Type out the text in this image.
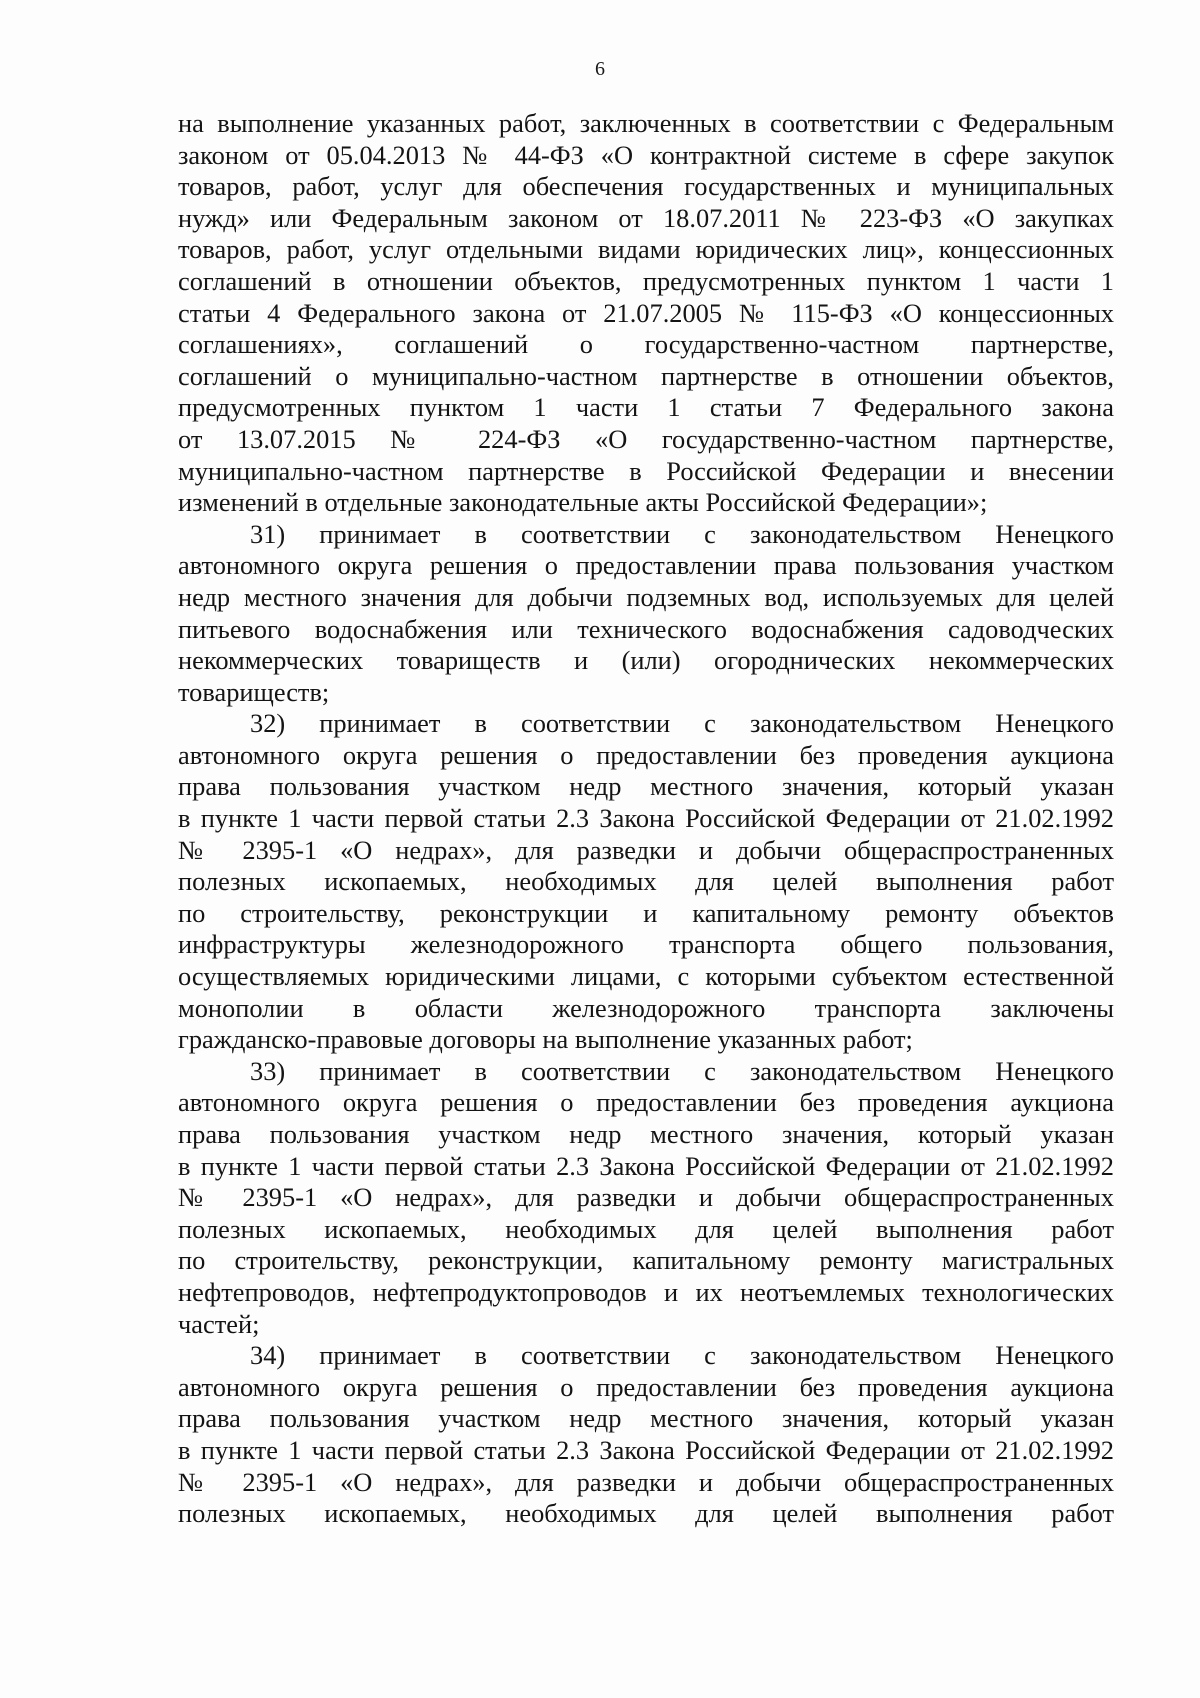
6
на выполнение указанных работ, заключенных в соответствии с Федеральным
законом от 05.04.2013 № 44-ФЗ «О контрактной системе в сфере закупок
товаров, работ, услуг для обеспечения государственных и муниципальных
нужд» или Федеральным законом от 18.07.2011 № 223-ФЗ «О закупках
товаров, работ, услуг отдельными видами юридических лиц», концессионных
соглашений в отношении объектов, предусмотренных пунктом 1 части 1
статьи 4 Федерального закона от 21.07.2005 № 115-ФЗ «О концессионных
соглашениях», соглашений о государственно-частном партнерстве,
соглашений о муниципально-частном партнерстве в отношении объектов,
предусмотренных пунктом 1 части 1 статьи 7 Федерального закона
от 13.07.2015 № 224-ФЗ «О государственно-частном партнерстве,
муниципально-частном партнерстве в Российской Федерации и внесении
изменений в отдельные законодательные акты Российской Федерации»;
31) принимает в соответствии с законодательством Ненецкого
автономного округа решения о предоставлении права пользования участком
недр местного значения для добычи подземных вод, используемых для целей
питьевого водоснабжения или технического водоснабжения садоводческих
некоммерческих товариществ и (или) огороднических некоммерческих
товариществ;
32) принимает в соответствии с законодательством Ненецкого
автономного округа решения о предоставлении без проведения аукциона
права пользования участком недр местного значения, который указан
в пункте 1 части первой статьи 2.3 Закона Российской Федерации от 21.02.1992
№ 2395-1 «О недрах», для разведки и добычи общераспространенных
полезных ископаемых, необходимых для целей выполнения работ
по строительству, реконструкции и капитальному ремонту объектов
инфраструктуры железнодорожного транспорта общего пользования,
осуществляемых юридическими лицами, с которыми субъектом естественной
монополии в области железнодорожного транспорта заключены
гражданско-правовые договоры на выполнение указанных работ;
33) принимает в соответствии с законодательством Ненецкого
автономного округа решения о предоставлении без проведения аукциона
права пользования участком недр местного значения, который указан
в пункте 1 части первой статьи 2.3 Закона Российской Федерации от 21.02.1992
№ 2395-1 «О недрах», для разведки и добычи общераспространенных
полезных ископаемых, необходимых для целей выполнения работ
по строительству, реконструкции, капитальному ремонту магистральных
нефтепроводов, нефтепродуктопроводов и их неотъемлемых технологических
частей;
34) принимает в соответствии с законодательством Ненецкого
автономного округа решения о предоставлении без проведения аукциона
права пользования участком недр местного значения, который указан
в пункте 1 части первой статьи 2.3 Закона Российской Федерации от 21.02.1992
№ 2395-1 «О недрах», для разведки и добычи общераспространенных
полезных ископаемых, необходимых для целей выполнения работ
